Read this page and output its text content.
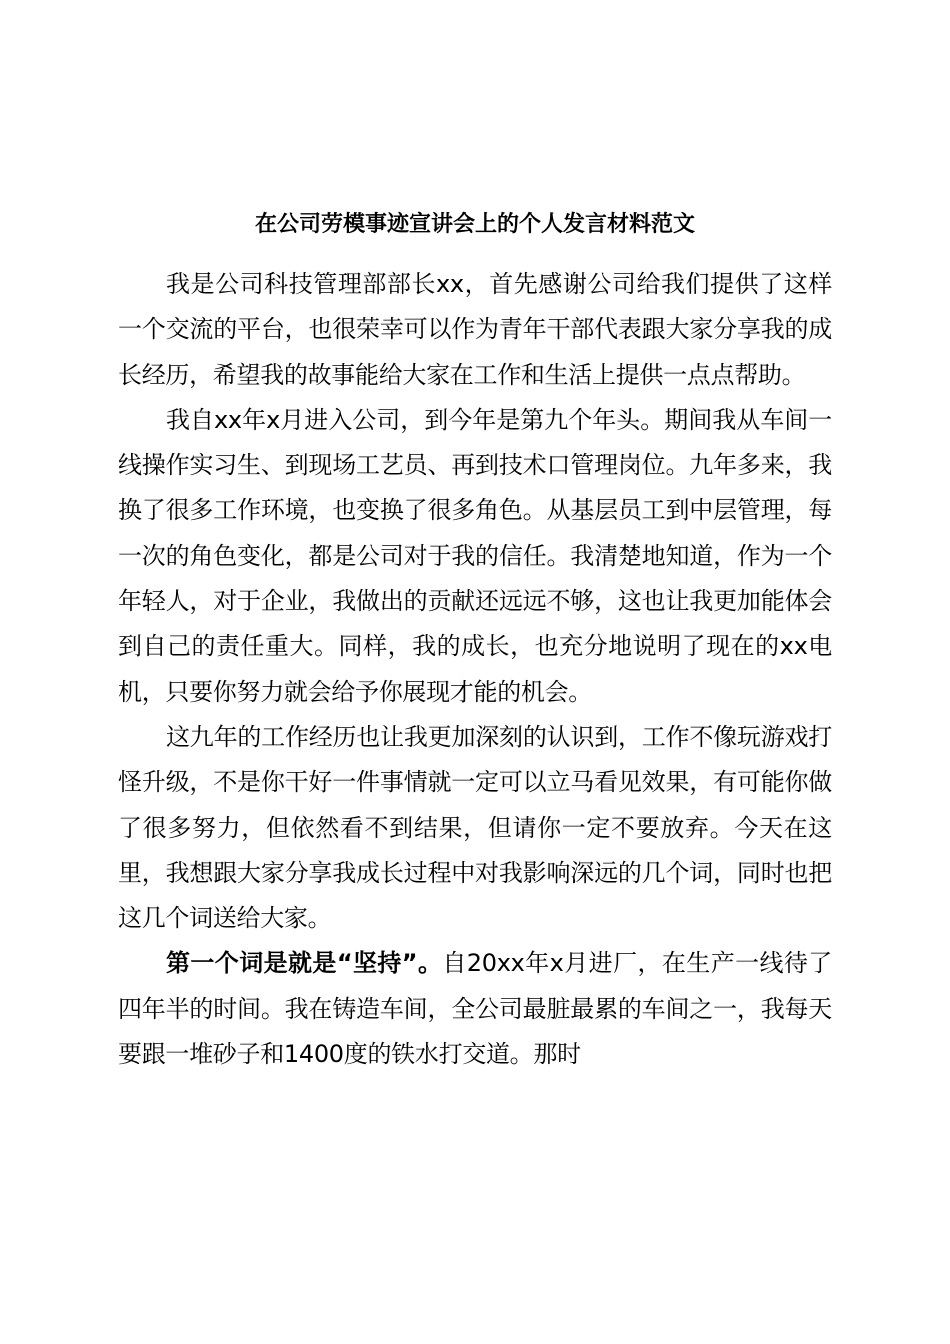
在公司劳模事迹宣讲会上的个人发言材料范文

我是公司科技管理部部长xx，首先感谢公司给我们提供了这样一个交流的平台，也很荣幸可以作为青年干部代表跟大家分享我的成长经历，希望我的故事能给大家在工作和生活上提供一点点帮助。

我自xx年x月进入公司，到今年是第九个年头。期间我从车间一线操作实习生、到现场工艺员、再到技术口管理岗位。九年多来，我换了很多工作环境，也变换了很多角色。从基层员工到中层管理，每一次的角色变化，都是公司对于我的信任。我清楚地知道，作为一个年轻人，对于企业，我做出的贡献还远远不够，这也让我更加能体会到自己的责任重大。同样，我的成长，也充分地说明了现在的xx电机，只要你努力就会给予你展现才能的机会。

这九年的工作经历也让我更加深刻的认识到，工作不像玩游戏打怪升级，不是你干好一件事情就一定可以立马看见效果，有可能你做了很多努力，但依然看不到结果，但请你一定不要放弃。今天在这里，我想跟大家分享我成长过程中对我影响深远的几个词，同时也把这几个词送给大家。

第一个词是就是“坚持”。自20xx年x月进厂，在生产一线待了四年半的时间。我在铸造车间，全公司最脏最累的车间之一，我每天要跟一堆砂子和1400度的铁水打交道。那时
